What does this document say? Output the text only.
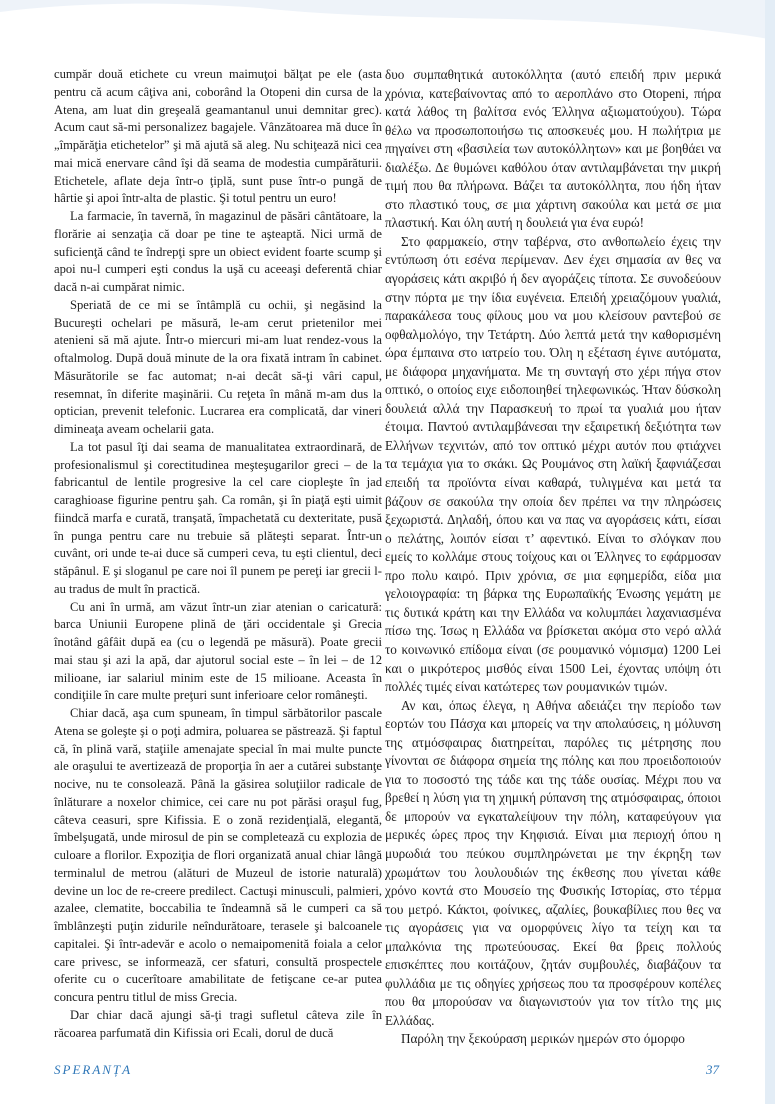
cumpăr două etichete cu vreun maimuţoi bălţat pe ele (asta pentru că acum câţiva ani, coborând la Otopeni din cursa de la Atena, am luat din greşeală geamantanul unui demnitar grec). Acum caut să-mi personalizez bagajele. Vânzătoarea mă duce în „împărăţia etichetelor” şi mă ajută să aleg. Nu schiţează nici cea mai mică enervare când îşi dă seama de modestia cumpărăturii. Etichetele, aflate deja într-o ţiplă, sunt puse într-o pungă de hârtie şi apoi într-alta de plastic. Şi totul pentru un euro!

La farmacie, în tavernă, în magazinul de păsări cântătoare, la florărie ai senzaţia că doar pe tine te aşteaptă. Nici urmă de suficienţă când te îndrepţi spre un obiect evident foarte scump şi apoi nu-l cumperi eşti condus la uşă cu aceeaşi deferentă chiar dacă n-ai cumpărat nimic.

Speriată de ce mi se întâmplă cu ochii, şi negăsind la Bucureşti ochelari pe măsură, le-am cerut prietenilor mei atenieni să mă ajute. Într-o miercuri mi-am luat rendez-vous la oftalmolog. După două minute de la ora fixată intram în cabinet. Măsurătorile se fac automat; n-ai decât să-ţi vâri capul, resemnat, în diferite maşinării. Cu reţeta în mână m-am dus la optician, prevenit telefonic. Lucrarea era complicată, dar vineri dimineaţa aveam ochelarii gata.

La tot pasul îţi dai seama de manualitatea extraordinară, de profesionalismul şi corectitudinea meşteşugarilor greci – de la fabricantul de lentile progresive la cel care ciopleşte în jad caraghioase figurine pentru şah. Ca român, şi în piaţă eşti uimit fiindcă marfa e curată, tranşată, împachetată cu dexteritate, pusă în punga pentru care nu trebuie să plăteşti separat. Într-un cuvânt, ori unde te-ai duce să cumperi ceva, tu eşti clientul, deci stăpânul. E şi sloganul pe care noi îl punem pe pereţi iar grecii l-au tradus de mult în practică.

Cu ani în urmă, am văzut într-un ziar atenian o caricatură: barca Uniunii Europene plină de ţări occidentale şi Grecia înotând gâfâit după ea (cu o legendă pe măsură). Poate grecii mai stau şi azi la apă, dar ajutorul social este – în lei – de 12 milioane, iar salariul minim este de 15 milioane. Aceasta în condiţiile în care multe preţuri sunt inferioare celor româneşti.

Chiar dacă, aşa cum spuneam, în timpul sărbătorilor pascale Atena se goleşte şi o poţi admira, poluarea se păstrează. Şi faptul că, în plină vară, staţiile amenajate special în mai multe puncte ale oraşului te avertizează de proporţia în aer a cutărei substanţe nocive, nu te consolează. Până la găsirea soluţiilor radicale de înlăturare a noxelor chimice, cei care nu pot părăsi oraşul fug, câteva ceasuri, spre Kifissia. E o zonă rezidenţială, elegantă, îmbelşugată, unde mirosul de pin se completează cu explozia de culoare a florilor. Expoziţia de flori organizată anual chiar lângă terminalul de metrou (alături de Muzeul de istorie naturală) devine un loc de re-creere predilect. Cactuşi minusculi, palmieri, azalee, clematite, boccabilia te îndeamnă să le cumperi ca să îmblânzeşti puţin zidurile neîndurătoare, terasele şi balcoanele capitalei. Şi într-adevăr e acolo o nemaipomenită foiala a celor care privesc, se informează, cer sfaturi, consultă prospectele oferite cu o cucerîtoare amabilitate de fetişcane ce-ar putea concura pentru titlul de miss Grecia.

Dar chiar dacă ajungi să-ţi tragi sufletul câteva zile în răcoarea parfumată din Kifissia ori Ecali, dorul de ducă

δυο συμπαθητικά αυτοκόλλητα (αυτό επειδή πριν μερικά χρόνια, κατεβαίνοντας από το αεροπλάνο στο Otopeni, πήρα κατά λάθος τη βαλίτσα ενός Έλληνα αξιωματούχου). Τώρα θέλω να προσωποποιήσω τις αποσκευές μου. Η πωλήτρια με πηγαίνει στη «βασιλεία των αυτοκόλλητων» και με βοηθάει να διαλέξω. Δε θυμώνει καθόλου όταν αντιλαμβάνεται την μικρή τιμή που θα πλήρωνα. Βάζει τα αυτοκόλλητα, που ήδη ήταν στο πλαστικό τους, σε μια χάρτινη σακούλα και μετά σε μια πλαστική. Και όλη αυτή η δουλειά για ένα ευρώ!

Στο φαρμακείο, στην ταβέρνα, στο ανθοπωλείο έχεις την εντύπωση ότι εσένα περίμεναν. Δεν έχει σημασία αν θες να αγοράσεις κάτι ακριβό ή δεν αγοράζεις τίποτα. Σε συνοδεύουν στην πόρτα με την ίδια ευγένεια. Επειδή χρειαζόμουν γυαλιά, παρακάλεσα τους φίλους μου να μου κλείσουν ραντεβού σε οφθαλμολόγο, την Τετάρτη. Δύο λεπτά μετά την καθορισμένη ώρα έμπαινα στο ιατρείο του. Όλη η εξέταση έγινε αυτόματα, με διάφορα μηχανήματα. Με τη συνταγή στο χέρι πήγα στον οπτικό, ο οποίος ειχε ειδοποιηθεί τηλεφωνικώς. Ήταν δύσκολη δουλειά αλλά την Παρασκευή το πρωί τα γυαλιά μου ήταν έτοιμα. Παντού αντιλαμβάνεσαι την εξαιρετική δεξιότητα των Ελλήνων τεχνιτών, από τον οπτικό μέχρι αυτόν που φτιάχνει τα τεμάχια για το σκάκι. Ως Ρουμάνος στη λαϊκή ξαφνιάζεσαι επειδή τα προϊόντα είναι καθαρά, τυλιγμένα και μετά τα βάζουν σε σακούλα την οποία δεν πρέπει να την πληρώσεις ξεχωριστά. Δηλαδή, όπου και να πας να αγοράσεις κάτι, είσαι ο πελάτης, λοιπόν είσαι τ’ αφεντικό. Είναι το σλόγκαν που εμείς το κολλάμε στους τοίχους και οι Έλληνες το εφάρμοσαν προ πολυ καιρό. Πριν χρόνια, σε μια εφημερίδα, είδα μια γελοιογραφία: τη βάρκα της Ευρωπαϊκής Ένωσης γεμάτη με τις δυτικά κράτη και την Ελλάδα να κολυμπάει λαχανιασμένα πίσω της. Ίσως η Ελλάδα να βρίσκεται ακόμα στο νερό αλλά το κοινωνικό επίδομα είναι (σε ρουμανικό νόμισμα) 1200 Lei και ο μικρότερος μισθός είναι 1500 Lei, έχοντας υπόψη ότι πολλές τιμές είναι κατώτερες των ρουμανικών τιμών.

Αν και, όπως έλεγα, η Αθήνα αδειάζει την περίοδο των εορτών του Πάσχα και μπορείς να την απολαύσεις, η μόλυνση της ατμόσφαιρας διατηρείται, παρόλες τις μέτρησης που γίνονται σε διάφορα σημεία της πόλης και που προειδοποιούν για το ποσοστό της τάδε και της τάδε ουσίας. Μέχρι που να βρεθεί η λύση για τη χημική ρύπανση της ατμόσφαιρας, όποιοι δε μπορούν να εγκαταλείψουν την πόλη, καταφεύγουν για μερικές ώρες προς την Κηφισιά. Είναι μια περιοχή όπου η μυρωδιά του πεύκου συμπληρώνεται με την έκρηξη των χρωμάτων του λουλουδιών της έκθεσης που γίνεται κάθε χρόνο κοντά στο Μουσείο της Φυσικής Ιστορίας, στο τέρμα του μετρό. Κάκτοι, φοίνικες, αζαλίες, βουκαβίλιες που θες να τις αγοράσεις για να ομορφύνεις λίγο τα τείχη και τα μπαλκόνια της πρωτεύουσας. Εκεί θα βρεις πολλούς επισκέπτες που κοιτάζουν, ζητάν συμβουλές, διαβάζουν τα φυλλάδια με τις οδηγίες χρήσεως που τα προσφέρουν κοπέλες που θα μπορούσαν να διαγωνιστούν για τον τίτλο της μις Ελλάδας.

Παρόλη την ξεκούραση μερικών ημερών στο όμορφο

SPERANȚA	37
